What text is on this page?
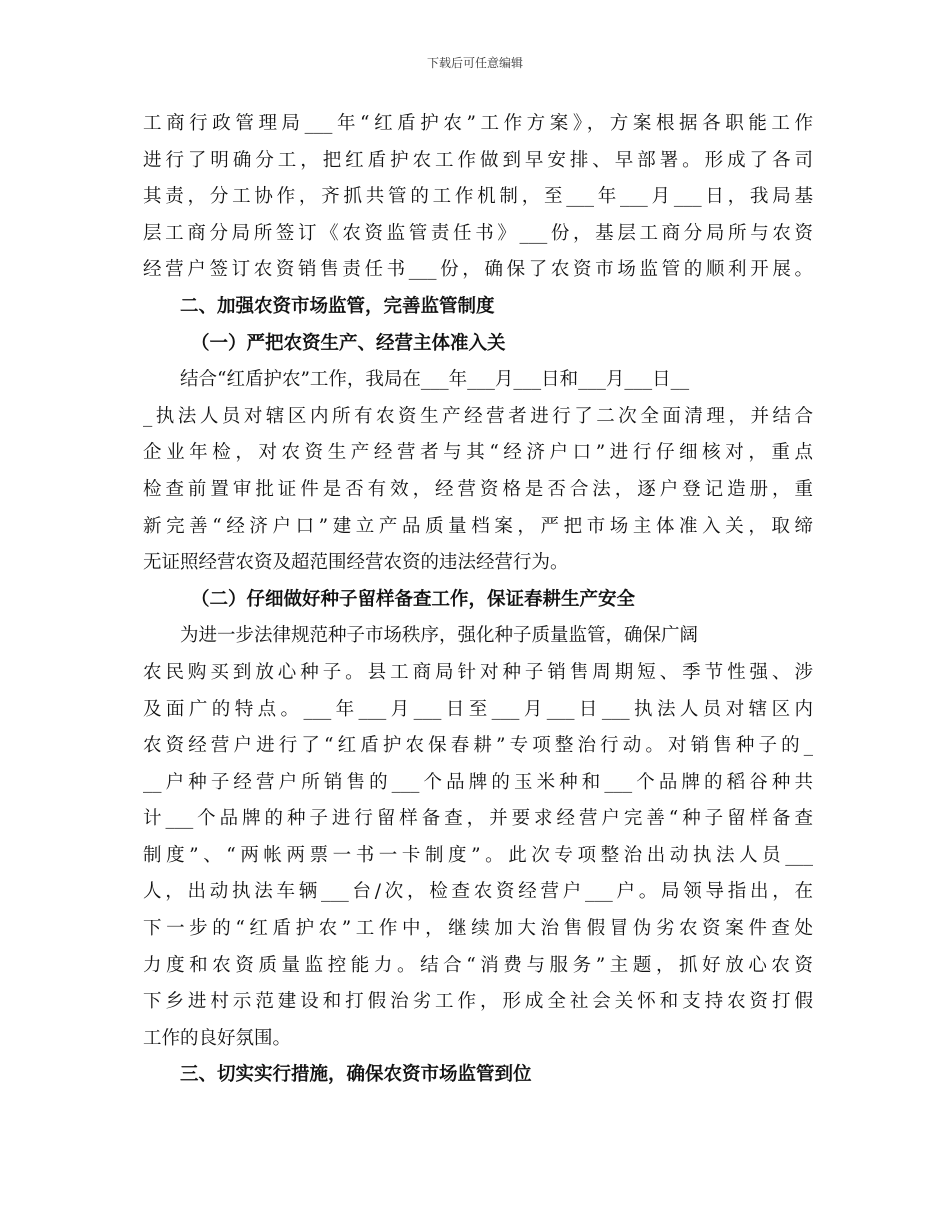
下载后可任意编辑
工商行政管理局___年“红盾护农”工作方案》，方案根据各职能工作
进行了明确分工，把红盾护农工作做到早安排、早部署。形成了各司
其责，分工协作，齐抓共管的工作机制，至___年___月___日，我局基
层工商分局所签订《农资监管责任书》___份，基层工商分局所与农资
经营户签订农资销售责任书___份，确保了农资市场监管的顺利开展。
二、加强农资市场监管，完善监管制度
（一）严把农资生产、经营主体准入关
结合“红盾护农”工作，我局在___年___月___日和___月___日__
_执法人员对辖区内所有农资生产经营者进行了二次全面清理，并结合
企业年检，对农资生产经营者与其“经济户口”进行仔细核对，重点
检查前置审批证件是否有效，经营资格是否合法，逐户登记造册，重
新完善“经济户口”建立产品质量档案，严把市场主体准入关，取缔
无证照经营农资及超范围经营农资的违法经营行为。
（二）仔细做好种子留样备查工作，保证春耕生产安全
为进一步法律规范种子市场秩序，强化种子质量监管，确保广阔
农民购买到放心种子。县工商局针对种子销售周期短、季节性强、涉
及面广的特点。___年___月___日至___月___日___执法人员对辖区内
农资经营户进行了“红盾护农保春耕”专项整治行动。对销售种子的_
__户种子经营户所销售的___个品牌的玉米种和___个品牌的稻谷种共
计___个品牌的种子进行留样备查，并要求经营户完善“种子留样备查
制度”、“两帐两票一书一卡制度”。此次专项整治出动执法人员___
人，出动执法车辆___台/次，检查农资经营户___户。局领导指出，在
下一步的“红盾护农”工作中，继续加大治售假冒伪劣农资案件查处
力度和农资质量监控能力。结合“消费与服务”主题，抓好放心农资
下乡进村示范建设和打假治劣工作，形成全社会关怀和支持农资打假
工作的良好氛围。
三、切实实行措施，确保农资市场监管到位
